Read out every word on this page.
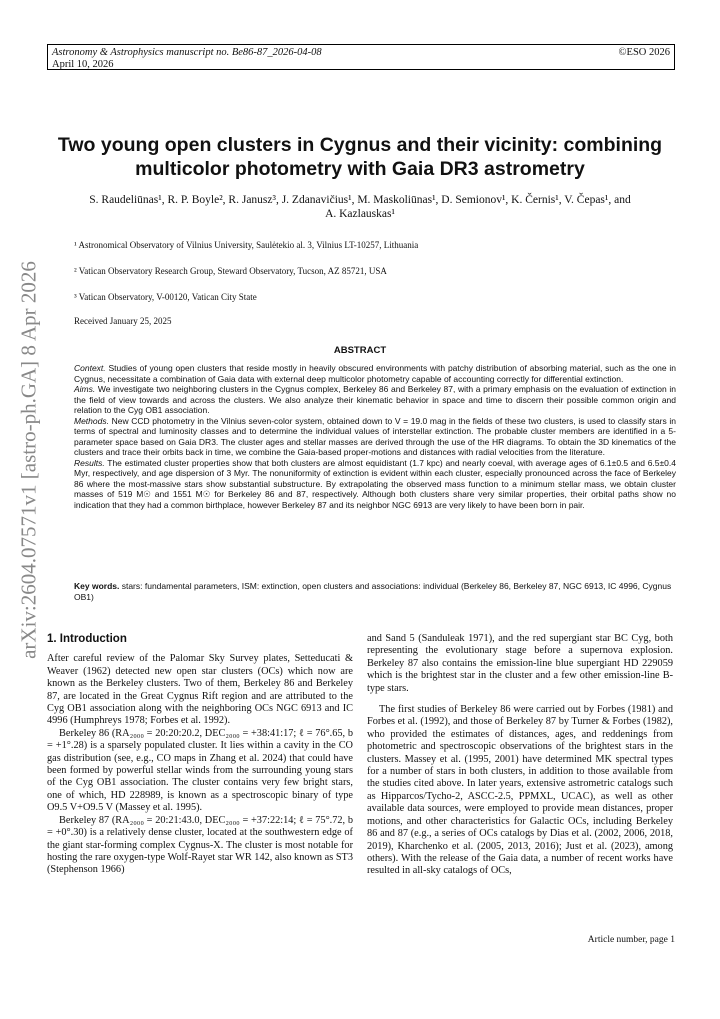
Astronomy & Astrophysics manuscript no. Be86-87_2026-04-08
April 10, 2026
©ESO 2026
Two young open clusters in Cygnus and their vicinity: combining
multicolor photometry with Gaia DR3 astrometry
S. Raudeliūnas¹, R. P. Boyle², R. Janusz³, J. Zdanavičius¹, M. Maskoliūnas¹, D. Semionov¹, K. Černis¹, V. Čepas¹, and
A. Kazlauskas¹
¹ Astronomical Observatory of Vilnius University, Saulėtekio al. 3, Vilnius LT-10257, Lithuania
² Vatican Observatory Research Group, Steward Observatory, Tucson, AZ 85721, USA
³ Vatican Observatory, V-00120, Vatican City State
Received January 25, 2025
ABSTRACT

Context. Studies of young open clusters that reside mostly in heavily obscured environments with patchy distribution of absorbing material, such as the one in Cygnus, necessitate a combination of Gaia data with external deep multicolor photometry capable of accounting correctly for differential extinction.

Aims. We investigate two neighboring clusters in the Cygnus complex, Berkeley 86 and Berkeley 87, with a primary emphasis on the evaluation of extinction in the field of view towards and across the clusters. We also analyze their kinematic behavior in space and time to discern their possible common origin and relation to the Cyg OB1 association.

Methods. New CCD photometry in the Vilnius seven-color system, obtained down to V = 19.0 mag in the fields of these two clusters, is used to classify stars in terms of spectral and luminosity classes and to determine the individual values of interstellar extinction. The probable cluster members are identified in a 5-parameter space based on Gaia DR3. The cluster ages and stellar masses are derived through the use of the HR diagrams. To obtain the 3D kinematics of the clusters and trace their orbits back in time, we combine the Gaia-based proper-motions and distances with radial velocities from the literature.

Results. The estimated cluster properties show that both clusters are almost equidistant (1.7 kpc) and nearly coeval, with average ages of 6.1±0.5 and 6.5±0.4 Myr, respectively, and age dispersion of 3 Myr. The nonuniformity of extinction is evident within each cluster, especially pronounced across the face of Berkeley 86 where the most-massive stars show substantial substructure. By extrapolating the observed mass function to a minimum stellar mass, we obtain cluster masses of 519 M☉ and 1551 M☉ for Berkeley 86 and 87, respectively. Although both clusters share very similar properties, their orbital paths show no indication that they had a common birthplace, however Berkeley 87 and its neighbor NGC 6913 are very likely to have been born in pair.

Key words. stars: fundamental parameters, ISM: extinction, open clusters and associations: individual (Berkeley 86, Berkeley 87, NGC 6913, IC 4996, Cygnus OB1)
arXiv:2604.07571v1 [astro-ph.GA] 8 Apr 2026 1. Introduction

After careful review of the Palomar Sky Survey plates, Setteducati & Weaver (1962) detected new open star clusters (OCs) which now are known as the Berkeley clusters. Two of them, Berkeley 86 and Berkeley 87, are located in the Great Cygnus Rift region and are attributed to the Cyg OB1 association along with the neighboring OCs NGC 6913 and IC 4996 (Humphreys 1978; Forbes et al. 1992).

Berkeley 86 (RA₂₀₀₀ = 20:20:20.2, DEC₂₀₀₀ = +38:41:17; ℓ = 76°.65, b = +1°.28) is a sparsely populated cluster. It lies within a cavity in the CO gas distribution (see, e.g., CO maps in Zhang et al. 2024) that could have been formed by powerful stellar winds from the surrounding young stars of the Cyg OB1 association. The cluster contains very few bright stars, one of which, HD 228989, is known as a spectroscopic binary of type O9.5 V+O9.5 V (Massey et al. 1995).

Berkeley 87 (RA₂₀₀₀ = 20:21:43.0, DEC₂₀₀₀ = +37:22:14; ℓ = 75°.72, b = +0°.30) is a relatively dense cluster, located at the southwestern edge of the giant star-forming complex Cygnus-X. The cluster is most notable for hosting the rare oxygen-type Wolf-Rayet star WR 142, also known as ST3 (Stephenson 1966)

and Sand 5 (Sanduleak 1971), and the red supergiant star BC Cyg, both representing the evolutionary stage before a supernova explosion. Berkeley 87 also contains the emission-line blue supergiant HD 229059 which is the brightest star in the cluster and a few other emission-line B-type stars.

The first studies of Berkeley 86 were carried out by Forbes (1981) and Forbes et al. (1992), and those of Berkeley 87 by Turner & Forbes (1982), who provided the estimates of distances, ages, and reddenings from photometric and spectroscopic observations of the brightest stars in the clusters. Massey et al. (1995, 2001) have determined MK spectral types for a number of stars in both clusters, in addition to those available from the studies cited above. In later years, extensive astrometric catalogs such as Hipparcos/Tycho-2, ASCC-2.5, PPMXL, UCAC), as well as other available data sources, were employed to provide mean distances, proper motions, and other characteristics for Galactic OCs, including Berkeley 86 and 87 (e.g., a series of OCs catalogs by Dias et al. (2002, 2006, 2018, 2019), Kharchenko et al. (2005, 2013, 2016); Just et al. (2023), among others). With the release of the Gaia data, a number of recent works have resulted in all-sky catalogs of OCs,

Article number, page 1
